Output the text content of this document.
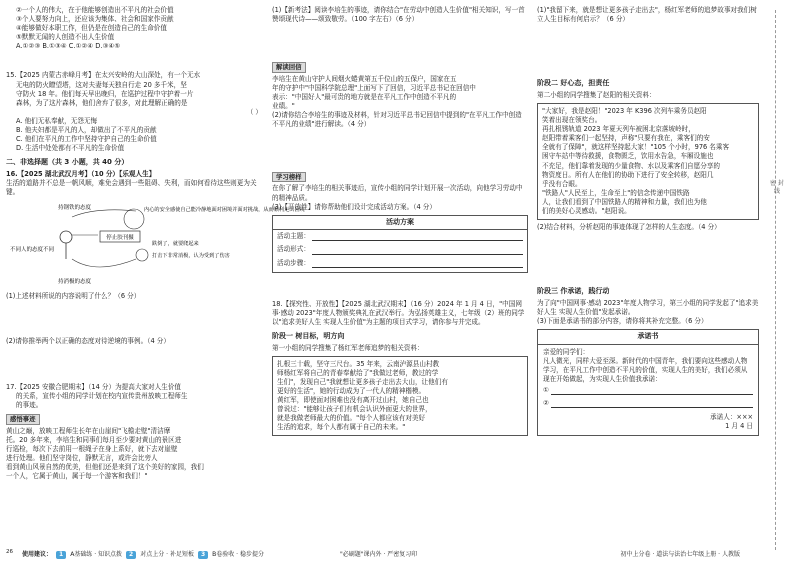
密 封 线

②一个人的伟大，在于他能够创造出不平凡的社会价值

③个人要努力向上，还应该为集体、社会和国家作贡献

④能够做好本职工作，但仍是在创造自己的生命价值

⑤默默无闻的人创造不出人生价值

A.①②③ B.①③④ C.①②④ D.③④⑤

15.【2025 内蒙古赤峰月考】在太兴安岭的大山深处，有一个无水

无电的防火瞭望塔，这对夫妻每天独自行走 20 多千米，坚

守防火 18 年。他们每天早出晚归，在巡护过程中守护着一片

森林，为了这片森林，他们舍弃了很多，对此理解正确的是

（ ）

A. 他们无私奉献，无怨无悔

B. 他夫妇都是平凡的人，却做出了不平凡的贡献

C. 他们在平凡的工作中坚持守护自己的生命价值

D. 生活中处处都有不平凡的生命价值

二、非选择题（共 3 小题，共 40 分）

16.【2025 湖北武汉月考】（10 分）【乐观人生】

生活的道路并不总是一帆风顺，难免会遇到一些阻碍、失利，而如何看待这些则更为关键。

停止胶刊摄
持钢铁的态度
不同人的态度不同
内心的安全感使自己能冷静地面对困境并面对挑战，从而顺利走出困境
跌倒了，就要爬起来
打击下非常消极，认为受到了伤害
持消极的态度

(1)上述材料所说的内容说明了什么？（6 分）

(2)请你推举两个以正确的态度对待逆境的事例。（4 分）

17.【2025 安徽合肥期末】（14 分）为提高大家对人生价值

的关系，宣传小组的同学计划在校内宣传贵州放映工程师生

的事迹。

感悟事迹

黄山之巅，放映工程师生长年在山崖间"飞檐走壁"清洁摩

托。20 多年来，李培生和同事们每月至少要对黄山的景区进

行巡检，每次下去前用一根绳子在身上系好，就下去对崖壁

进行处理。他们坚守岗位，静默无言，或许会比旁人

看到黄山风景自然的优美，但他们还是来到了这个美好的家园，我们

一个人，它属于黄山，属于每一个游客和我们！"

(1)【新考法】阅读李培生的事迹，请你结合"在劳动中创造人生价值"相关知识，写一首赞颂现代诗——颂致敬劳。（100 字左右）（6 分）

解读回信

李培生在黄山守护人间烟火蜷黄第五千位山的五保户，国家在五

年的守护中"中国科学院总理"上面写下了回信，习近平总书记在回信中

表示："中国好人"最可贵的地方就是在平凡工作中创造不平凡的

业绩。"

(2)请你结合李培生的事迹及材料，针对习近平总书记回信中提到的"在平凡工作中创造不平凡的业绩"进行解读。（4 分）

学习榜样

在你了解了李培生的相关事迹后，宣传小组的同学计划开展一次活动，向他学习劳动中的精神品质。

(3)【开放性】请你帮助他们设计完成活动方案。（4 分）

活动方案
活动主题：
活动形式：
活动步骤：

18.【探究性、开放性】【2025 湖北武汉期末】（16 分）2024 年 1 月 4 日，"中国网事·感动 2023"年度人物颁奖典礼在武汉举行。为弘扬英雄主义，七年级（2）班的同学以"追求美好人生 实现人生价值"为主题的项目式学习，请你参与并完成。

阶段一 树目标，明方向

第一小组的同学搜集了杨红军老师追梦的相关资料：

扎根三十载，坚守三尺台。35 年来，云南泸源县山村教

师杨红军将自己的青春奉献给了"我做过老师，教过的学

生们"，发现自己"我就想让更多孩子走出去大山，让他们有

更好的生活"，她的行动成为了一代人的精神楷模。

黄红军，即使面对困难也没有离开过山村，她自己也

曾说过："能够让孩子们有机会认识外面更大的世界，

就是我做老师最大的价值。"每个人都应该有对美好

生活的追求，每个人都有属于自己的未来。"

(1)"我留下来，就是想让更多孩子走出去"，杨红军老师的追梦故事对我们树立人生目标有何启示？（6 分）

阶段二 好心态，担责任

第二小组的同学搜集了赵阳的相关资料：

"大家好，我是赵阳！"2023 年 K396 次列车乘务员赵阳

笑着出现在领奖台。

再扎根锈轨道 2023 年夏天列车被困北京落坡岭时，

赵阳带着乘客们一起坚持，声称"只要有我在，乘客们的安

全就有了保障"，就这样坚持起大家！"105 个小时，976 名乘客

困守车站中等待救援，食物匮乏，饮用水告急，车厢设施也

不充足，他们靠着发现的少量食物、水以及乘客们自愿分享的

物资度日。所有人在他们的协助下进行了安全转移，赵阳几

乎没有合眼。

"铁路人"人民至上，生命至上"的信念传递中国铁路

人，让我们看到了中国铁路人的精神和力量，我们也为他

们的美好心灵感动。"赵阳说。

(2)结合材料，分析赵阳的事迹体现了怎样的人生态度。（4 分）

阶段三 作承诺，践行动

为了向"中国网事·感动 2023"年度人物学习，第三小组的同学发起了"追求美好人生 实现人生价值"发起承诺。

(3)下面是承诺书的部分内容，请你将其补充完整。（6 分）

承诺书

亲爱的同学们：

凡人微光，同样大爱至深。新时代的中国青年，我们要向这些感动人物学习，在平凡工作中创造不平凡的价值，实现人生的美好，我们必须从现在开始做起，为实现人生价值我承诺：

①
②

承诺人：×××

1 月 4 日

26 使用建议：	1	A基础练 · 知识点拨	2	对点上分 · 补足短板	3	B卷验收 · 稳步提分	"必刷题"课内外 · 严密复习印	初中上分卷 · 道法与法治七年级上册 · 人教版
